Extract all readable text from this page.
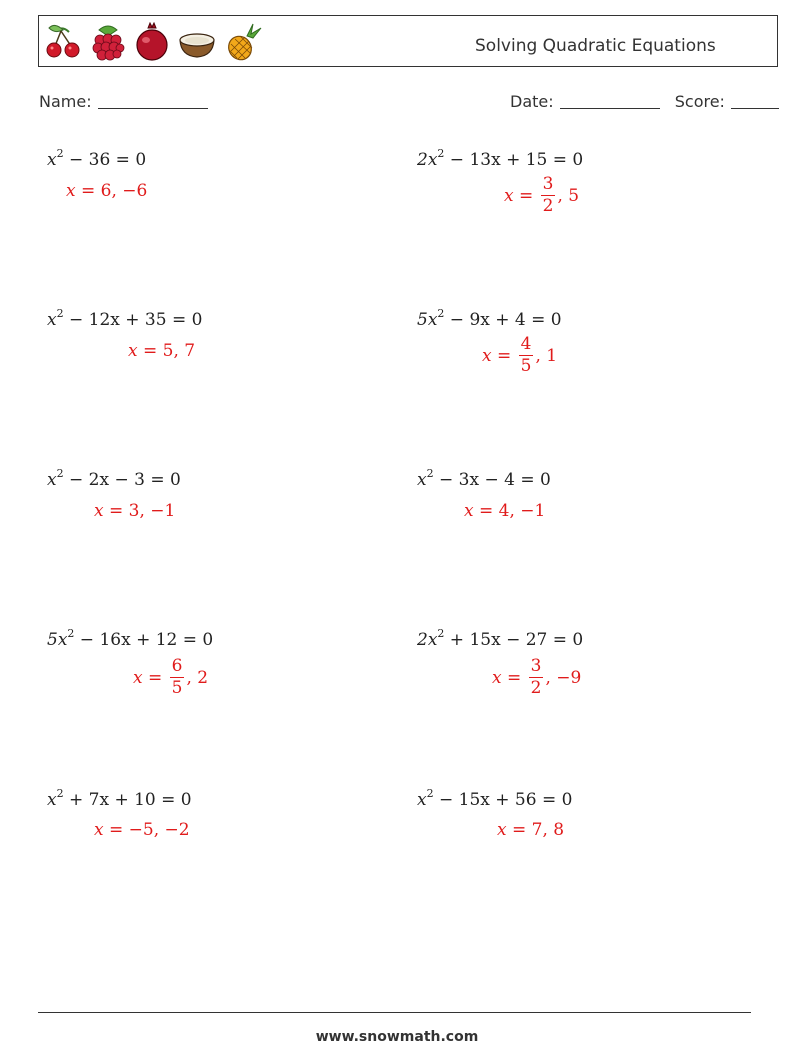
Solving Quadratic Equations
Name:	Date:	Score:
$x^2 - 36 = 0$
x = 6, −6
$x^2 - 12x + 35 = 0$
x = 5, 7
$x^2 - 2x - 3 = 0$
x = 3, −1
$5x^2 - 16x + 12 = 0$
$x = \frac{6}{5}$ , 2
$x^2 + 7x + 10 = 0$
x = −5, −2
$2x^2 - 13x + 15 = 0$
$x = \frac{3}{2}$ , 5
$5x^2 - 9x + 4 = 0$
$x = \frac{4}{5}$ , 1
$x^2 - 3x - 4 = 0$
x = 4, −1
$2x^2 + 15x - 27 = 0$
$x = \frac{3}{2}$ , −9
$x^2 - 15x + 56 = 0$
x = 7, 8
www.snowmath.com
